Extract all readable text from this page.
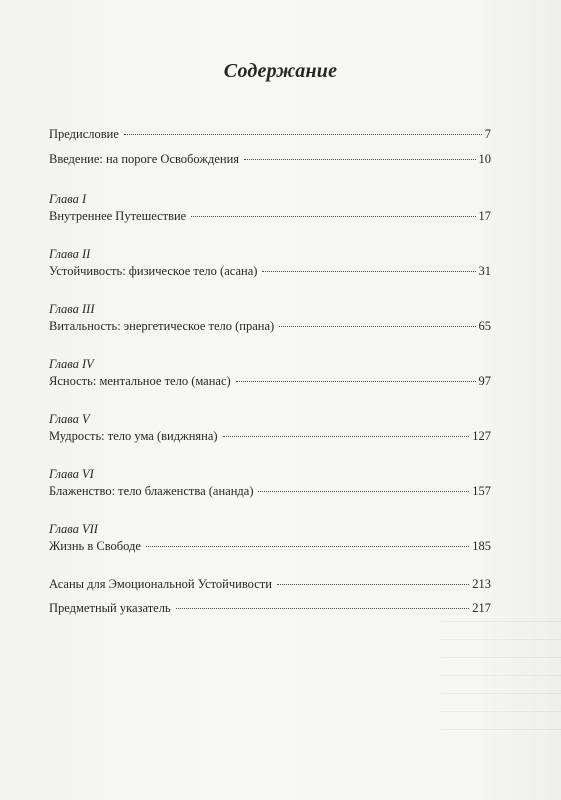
Содержание
Предисловие	7
Введение: на пороге Освобождения	10
Глава I
Внутреннее Путешествие	17
Глава II
Устойчивость: физическое тело (асана)	31
Глава III
Витальность: энергетическое тело (прана)	65
Глава IV
Ясность: ментальное тело (манас)	97
Глава V
Мудрость: тело ума (виджняна)	127
Глава VI
Блаженство: тело блаженства (ананда)	157
Глава VII
Жизнь в Свободе	185
Асаны для Эмоциональной Устойчивости	213
Предметный указатель	217
